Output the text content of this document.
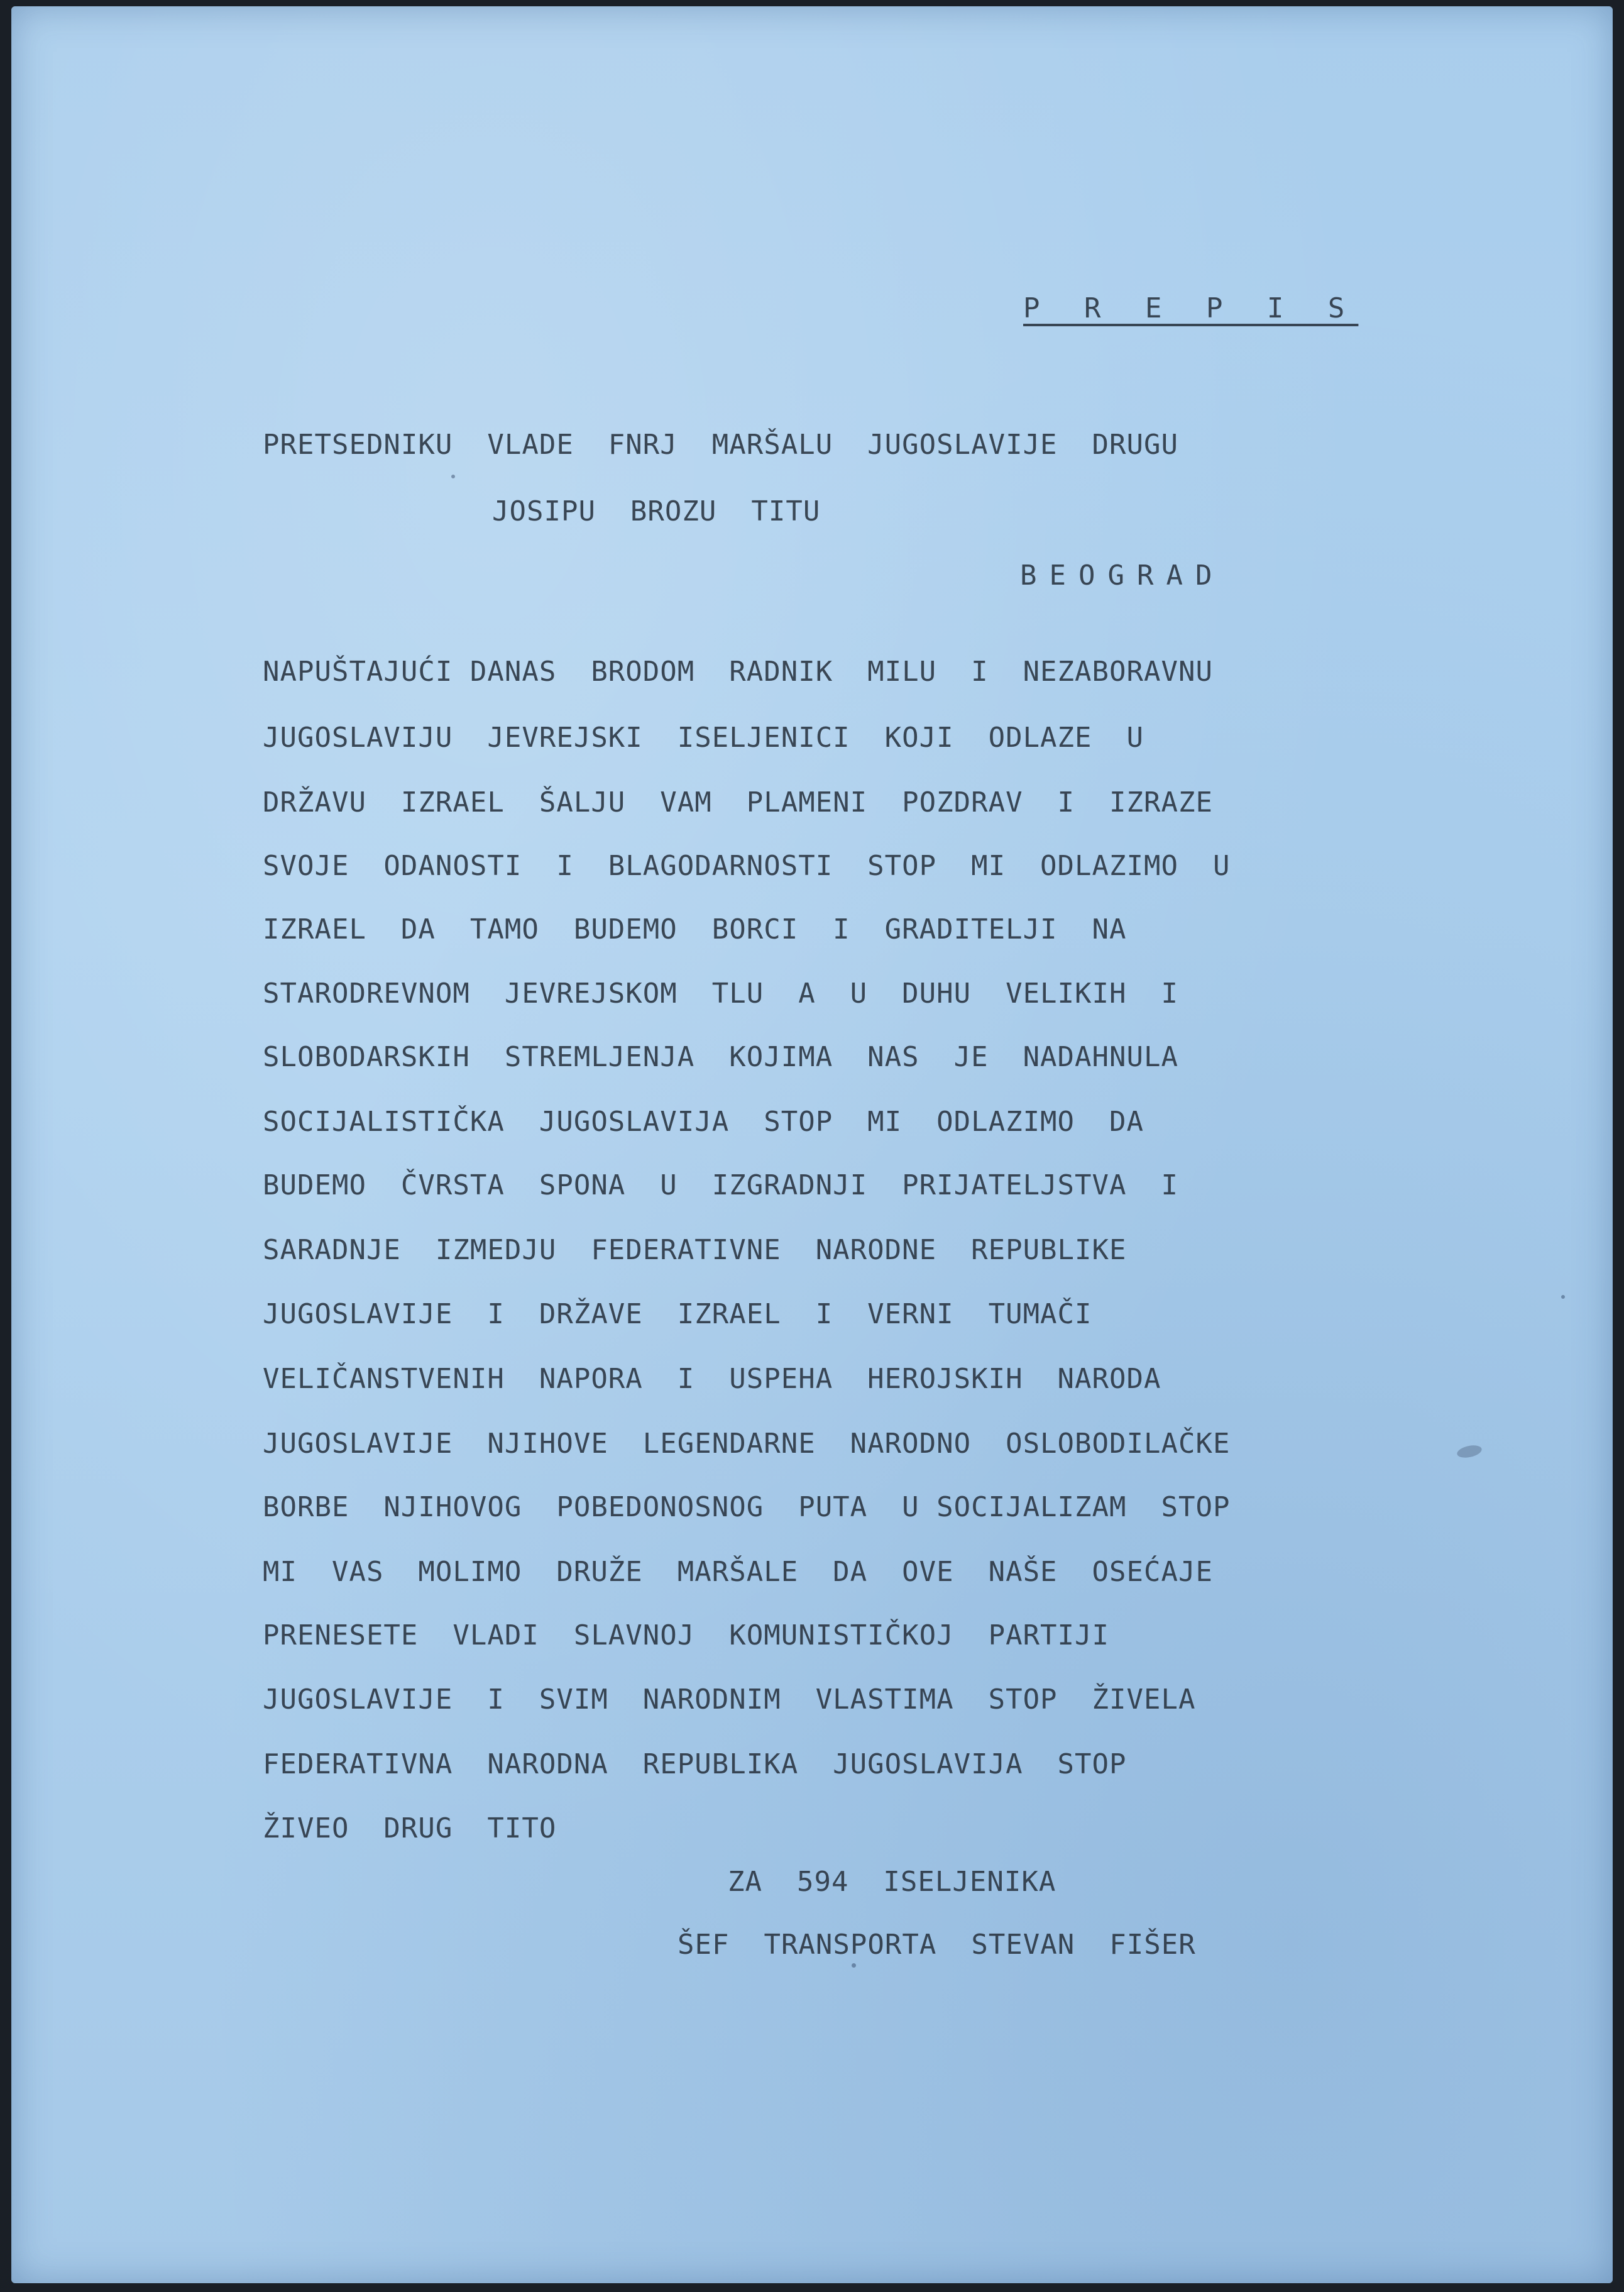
P R E P I S
PRETSEDNIKU  VLADE  FNRJ  MARŠALU  JUGOSLAVIJE  DRUGU
JOSIPU  BROZU  TITU
BEOGRAD
NAPUŠTAJUĆI DANAS  BRODOM  RADNIK  MILU  I  NEZABORAVNU
JUGOSLAVIJU  JEVREJSKI  ISELJENICI  KOJI  ODLAZE  U
DRŽAVU  IZRAEL  ŠALJU  VAM  PLAMENI  POZDRAV  I  IZRAZE
SVOJE  ODANOSTI  I  BLAGODARNOSTI  STOP  MI  ODLAZIMO  U
IZRAEL  DA  TAMO  BUDEMO  BORCI  I  GRADITELJI  NA
STARODREVNOM  JEVREJSKOM  TLU  A  U  DUHU  VELIKIH  I
SLOBODARSKIH  STREMLJENJA  KOJIMA  NAS  JE  NADAHNULA
SOCIJALISTIČKA  JUGOSLAVIJA  STOP  MI  ODLAZIMO  DA
BUDEMO  ČVRSTA  SPONA  U  IZGRADNJI  PRIJATELJSTVA  I
SARADNJE  IZMEDJU  FEDERATIVNE  NARODNE  REPUBLIKE
JUGOSLAVIJE  I  DRŽAVE  IZRAEL  I  VERNI  TUMAČI
VELIČANSTVENIH  NAPORA  I  USPEHA  HEROJSKIH  NARODA
JUGOSLAVIJE  NJIHOVE  LEGENDARNE  NARODNO  OSLOBODILAČKE
BORBE  NJIHOVOG  POBEDONOSNOG  PUTA  U SOCIJALIZAM  STOP
MI  VAS  MOLIMO  DRUŽE  MARŠALE  DA  OVE  NAŠE  OSEĆAJE
PRENESETE  VLADI  SLAVNOJ  KOMUNISTIČKOJ  PARTIJI
JUGOSLAVIJE  I  SVIM  NARODNIM  VLASTIMA  STOP  ŽIVELA
FEDERATIVNA  NARODNA  REPUBLIKA  JUGOSLAVIJA  STOP
ŽIVEO  DRUG  TITO
ZA  594  ISELJENIKA
ŠEF  TRANSPORTA  STEVAN  FIŠER
